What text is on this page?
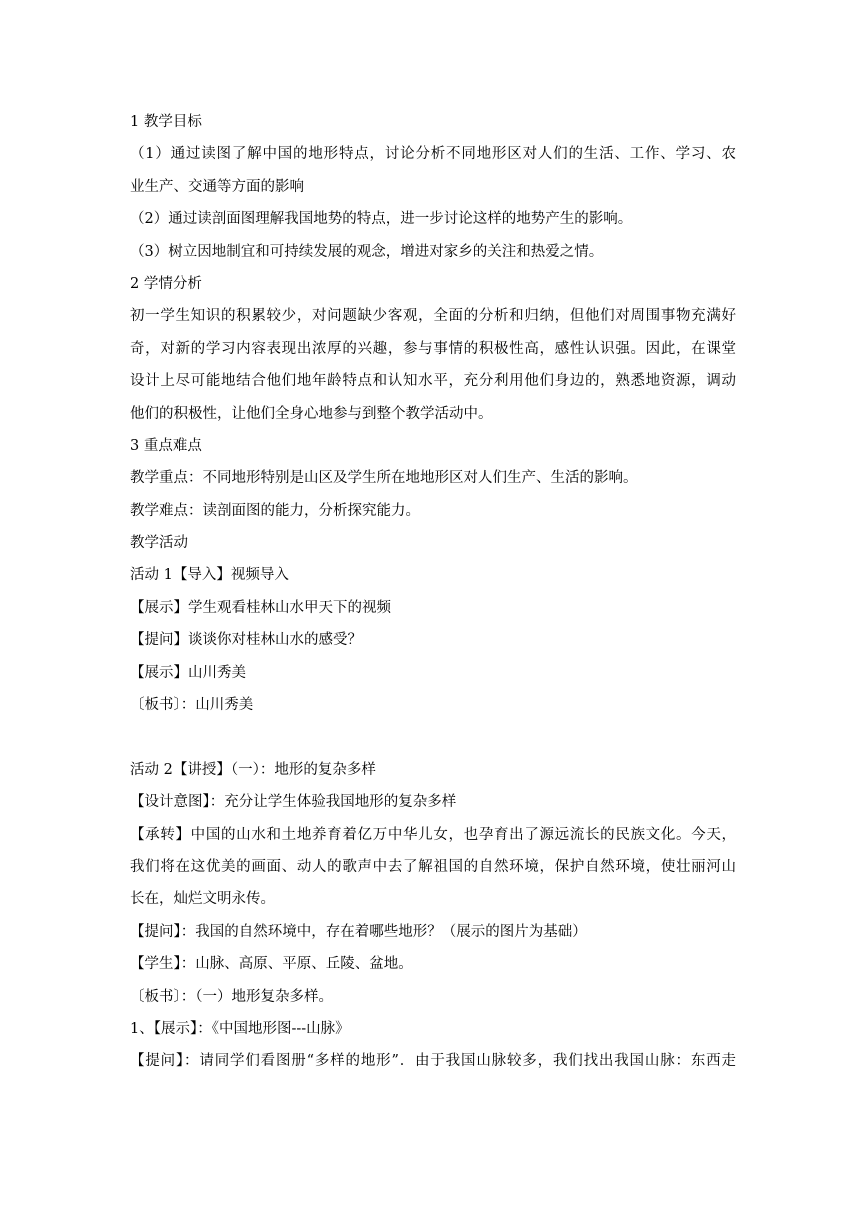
1 教学目标
（1）通过读图了解中国的地形特点，讨论分析不同地形区对人们的生活、工作、学习、农
业生产、交通等方面的影响
（2）通过读剖面图理解我国地势的特点，进一步讨论这样的地势产生的影响。
（3）树立因地制宜和可持续发展的观念，增进对家乡的关注和热爱之情。
2 学情分析
初一学生知识的积累较少，对问题缺少客观，全面的分析和归纳，但他们对周围事物充满好
奇，对新的学习内容表现出浓厚的兴趣，参与事情的积极性高，感性认识强。因此，在课堂
设计上尽可能地结合他们地年龄特点和认知水平，充分利用他们身边的，熟悉地资源，调动
他们的积极性，让他们全身心地参与到整个教学活动中。
3 重点难点
教学重点：不同地形特别是山区及学生所在地地形区对人们生产、生活的影响。
教学难点：读剖面图的能力，分析探究能力。
教学活动
活动 1【导入】视频导入
【展示】学生观看桂林山水甲天下的视频
【提问】谈谈你对桂林山水的感受？
【展示】山川秀美
〔板书〕：山川秀美
活动 2【讲授】（一）：地形的复杂多样
【设计意图】：充分让学生体验我国地形的复杂多样
【承转】中国的山水和土地养育着亿万中华儿女，也孕育出了源远流长的民族文化。今天，
我们将在这优美的画面、动人的歌声中去了解祖国的自然环境，保护自然环境，使壮丽河山
长在，灿烂文明永传。
【提问】：我国的自然环境中，存在着哪些地形？（展示的图片为基础）
【学生】：山脉、高原、平原、丘陵、盆地。
〔板书〕：（一）地形复杂多样。
1、【展示】：《中国地形图---山脉》
【提问】：请同学们看图册“多样的地形”．由于我国山脉较多，我们找出我国山脉：东西走
